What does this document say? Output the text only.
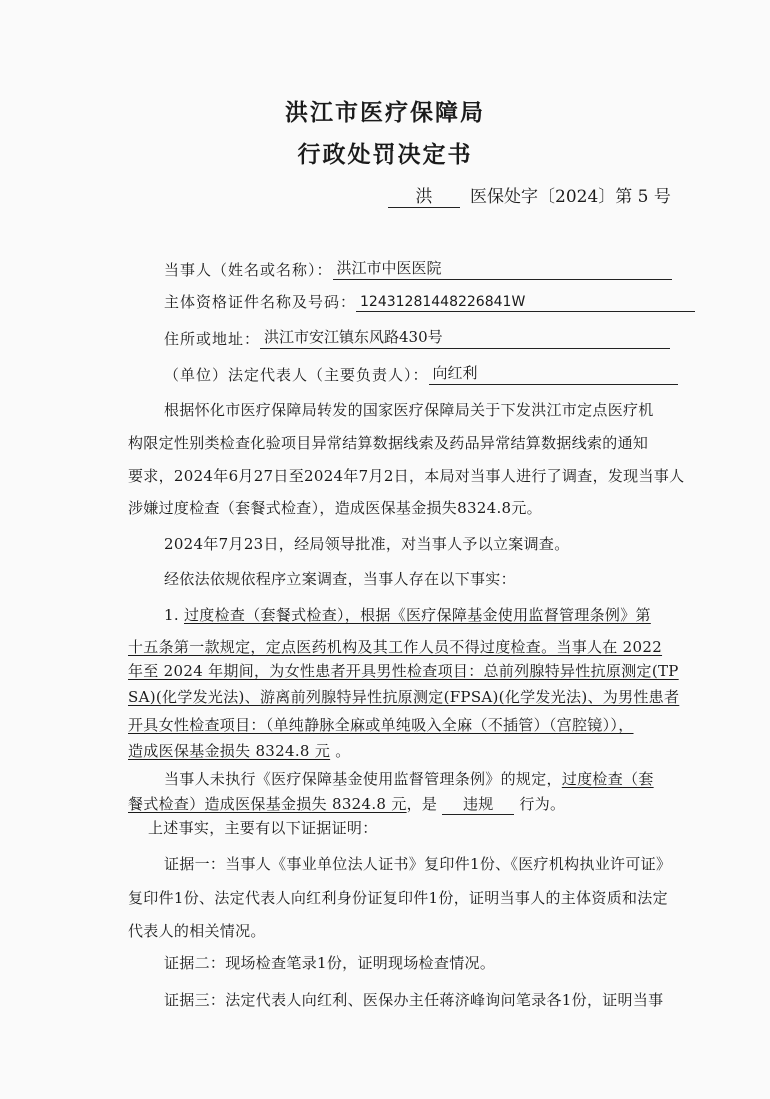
洪江市医疗保障局
行政处罚决定书
洪 医保处字〔2024〕第 5 号
当事人（姓名或名称）： 洪江市中医医院
主体资格证件名称及号码： 12431281448226841W
住所或地址： 洪江市安江镇东风路430号
（单位）法定代表人（主要负责人）： 向红利
根据怀化市医疗保障局转发的国家医疗保障局关于下发洪江市定点医疗机
构限定性别类检查化验项目异常结算数据线索及药品异常结算数据线索的通知
要求，2024年6月27日至2024年7月2日，本局对当事人进行了调查，发现当事人
涉嫌过度检查（套餐式检查），造成医保基金损失8324.8元。
2024年7月23日，经局领导批准，对当事人予以立案调查。
经依法依规依程序立案调查，当事人存在以下事实：
1. 过度检查（套餐式检查），根据《医疗保障基金使用监督管理条例》第
十五条第一款规定，定点医药机构及其工作人员不得过度检查。当事人在 2022
年至 2024 年期间，为女性患者开具男性检查项目：总前列腺特异性抗原测定(TP
SA)(化学发光法)、游离前列腺特异性抗原测定(FPSA)(化学发光法)、为男性患者
开具女性检查项目：（单纯静脉全麻或单纯吸入全麻（不插管）（宫腔镜）），
造成医保基金损失 8324.8 元 。
当事人未执行《医疗保障基金使用监督管理条例》的规定，过度检查（套
餐式检查）造成医保基金损失 8324.8 元，是 违规 行为。
上述事实，主要有以下证据证明：
证据一：当事人《事业单位法人证书》复印件1份、《医疗机构执业许可证》
复印件1份、法定代表人向红利身份证复印件1份，证明当事人的主体资质和法定
代表人的相关情况。
证据二：现场检查笔录1份，证明现场检查情况。
证据三：法定代表人向红利、医保办主任蒋济峰询问笔录各1份，证明当事
